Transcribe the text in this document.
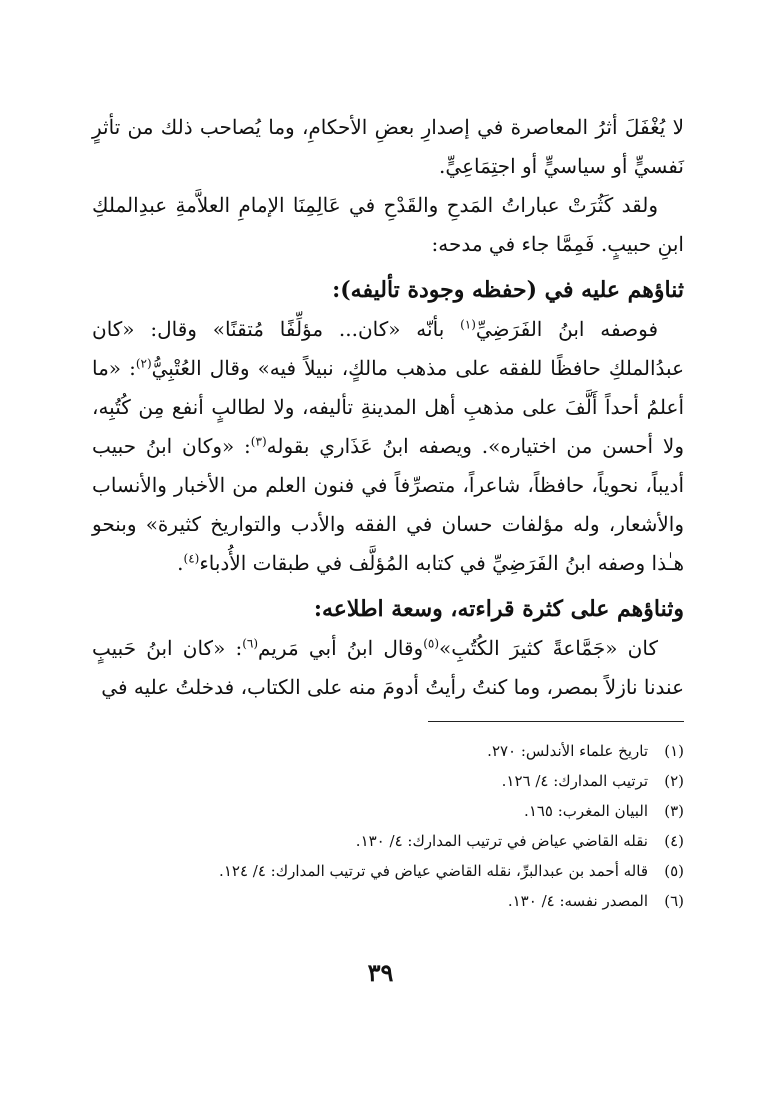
لا يُغْفَلَ أثرُ المعاصرة في إصدارِ بعضِ الأحكامِ، وما يُصاحب ذلك من تأثرٍ نَفسيٍّ أو سياسيٍّ أو اجتِمَاعِيٍّ.

ولقد كَثُرَتْ عباراتُ المَدحِ والقَدْحِ في عَالِمِنَا الإمامِ العلاَّمةِ عبدِالملكِ ابنِ حبيبٍ. فَمِمَّا جاء في مدحه:

ثناؤهم عليه في (حفظه وجودة تأليفه):

فوصفه ابنُ الفَرَضِيِّ$^{(١)}$ بأنّه «كان... مؤلِّفًا مُتقنًا» وقال: «كان عبدُالملكِ حافظًا للفقه على مذهب مالكٍ، نبيلاً فيه» وقال العُتْبِيُّ$^{(٢)}$: «ما أعلمُ أحداً أَلَّفَ على مذهبِ أهل المدينةِ تأليفه، ولا لطالبٍ أنفع مِن كُتُبِه، ولا أحسن من اختياره». ويصفه ابنُ عَذَاري بقوله$^{(٣)}$: «وكان ابنُ حبيب أديباً، نحوياً، حافظاً، شاعراً، متصرِّفاً في فنون العلم من الأخبار والأنساب والأشعار، وله مؤلفات حسان في الفقه والأدب والتواريخ كثيرة» وبنحو هـٰذا وصفه ابنُ الفَرَضِيِّ في كتابه المُؤلَّف في طبقات الأُدباء$^{(٤)}$.

وثناؤهم على كثرة قراءته، وسعة اطلاعه:

كان «جَمَّاعةً كثيرَ الكُتُبِ»$^{(٥)}$وقال ابنُ أبي مَريم$^{(٦)}$: «كان ابنُ حَبيبٍ عندنا نازلاً بمصر، وما كنتُ رأيتُ أدومَ منه على الكتاب، فدخلتُ عليه في

(١)
تاريخ علماء الأندلس: ٢٧٠.
(٢)
ترتيب المدارك: ٤/ ١٢٦.
(٣)
البيان المغرب: ١٦٥.
(٤)
نقله القاضي عياض في ترتيب المدارك: ٤/ ١٣٠.
(٥)
قاله أحمد بن عبدالبرِّ، نقله القاضي عياض في ترتيب المدارك: ٤/ ١٢٤.
(٦)
المصدر نفسه: ٤/ ١٣٠.
٣٩
